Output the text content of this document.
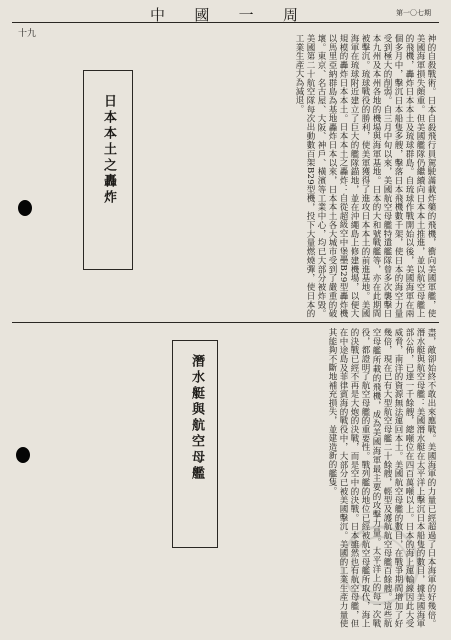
中 國 一 周	第一〇七期
十九	神的自殺戰術。日本自殺飛行員駕駛滿載炸藥的飛機，衝向美國軍艦，使美國海軍損失頗重。但美國艦隊仍繼續向日本本土推進，並以航空母艦上的飛機，轟炸日本本土及琉球群島。自琉球作戰開始以後，美國海軍在兩個多月中，擊沉日本船隻多艘，擊落日本飛機數千架，使日本的海空力量受到極大的削弱。自三月中旬以來，美國航空母艦特遣艦隊曾多次襲擊日本九州及本州各地的機場與海軍基地。日本的大和號戰艦等，亦在此期間被擊沉。琉球戰役的勝利，使美軍獲得了進攻日本本土的前進基地。美國海軍在琉球附近建立了巨大的艦隊錨地，並在沖繩島上修建機場，以便大規模的轟炸日本本土。日本本土之轟炸：自從超級空中堡壘B29型轟炸機以馬里亞納群島為基地轟炸日本以來，日本本土各大城市受到了嚴重的破壞。東京、名古屋、大阪、神戶、橫濱等工業中心，均已大部分被炸毀。美國第二十航空隊每次出動數百架B29型機，投下大量燃燒彈，使日本的工業生產大為減退。
盡，敵卻始終不敢出來應戰。美國海軍的力量已經超過了日本海軍的好幾倍。潛水艇與航空母艦：美國潛水艇在太平洋上擊沉日本船隻的數目，據美國海軍部公佈，已達一千餘艘，總噸位在四百萬噸以上。日本的海上運輸線因此大受威脅，南洋的資源無法運回本土。美國航空母艦的數目，在戰爭期間增加了好幾倍，現在已有大型航空母艦二十餘艘，輕型及護航航空母艦百餘艘。這些航空母艦所載的飛機，成為美國海軍最主要的攻擊力量。太平洋上的每一次戰役，都證明了航空母艦的重要性。戰列艦的地位已經被航空母艦所取代，海上的決戰已經不再是大炮的決戰，而是空中的決戰。日本雖然也有航空母艦，但在中途島及菲律賓海的戰役中，大部分已被美國擊沉。美國的工業生產力量使其能夠不斷地補充損失，並建造新的艦隻。
日本本土之轟炸
潛水艇與航空母艦
